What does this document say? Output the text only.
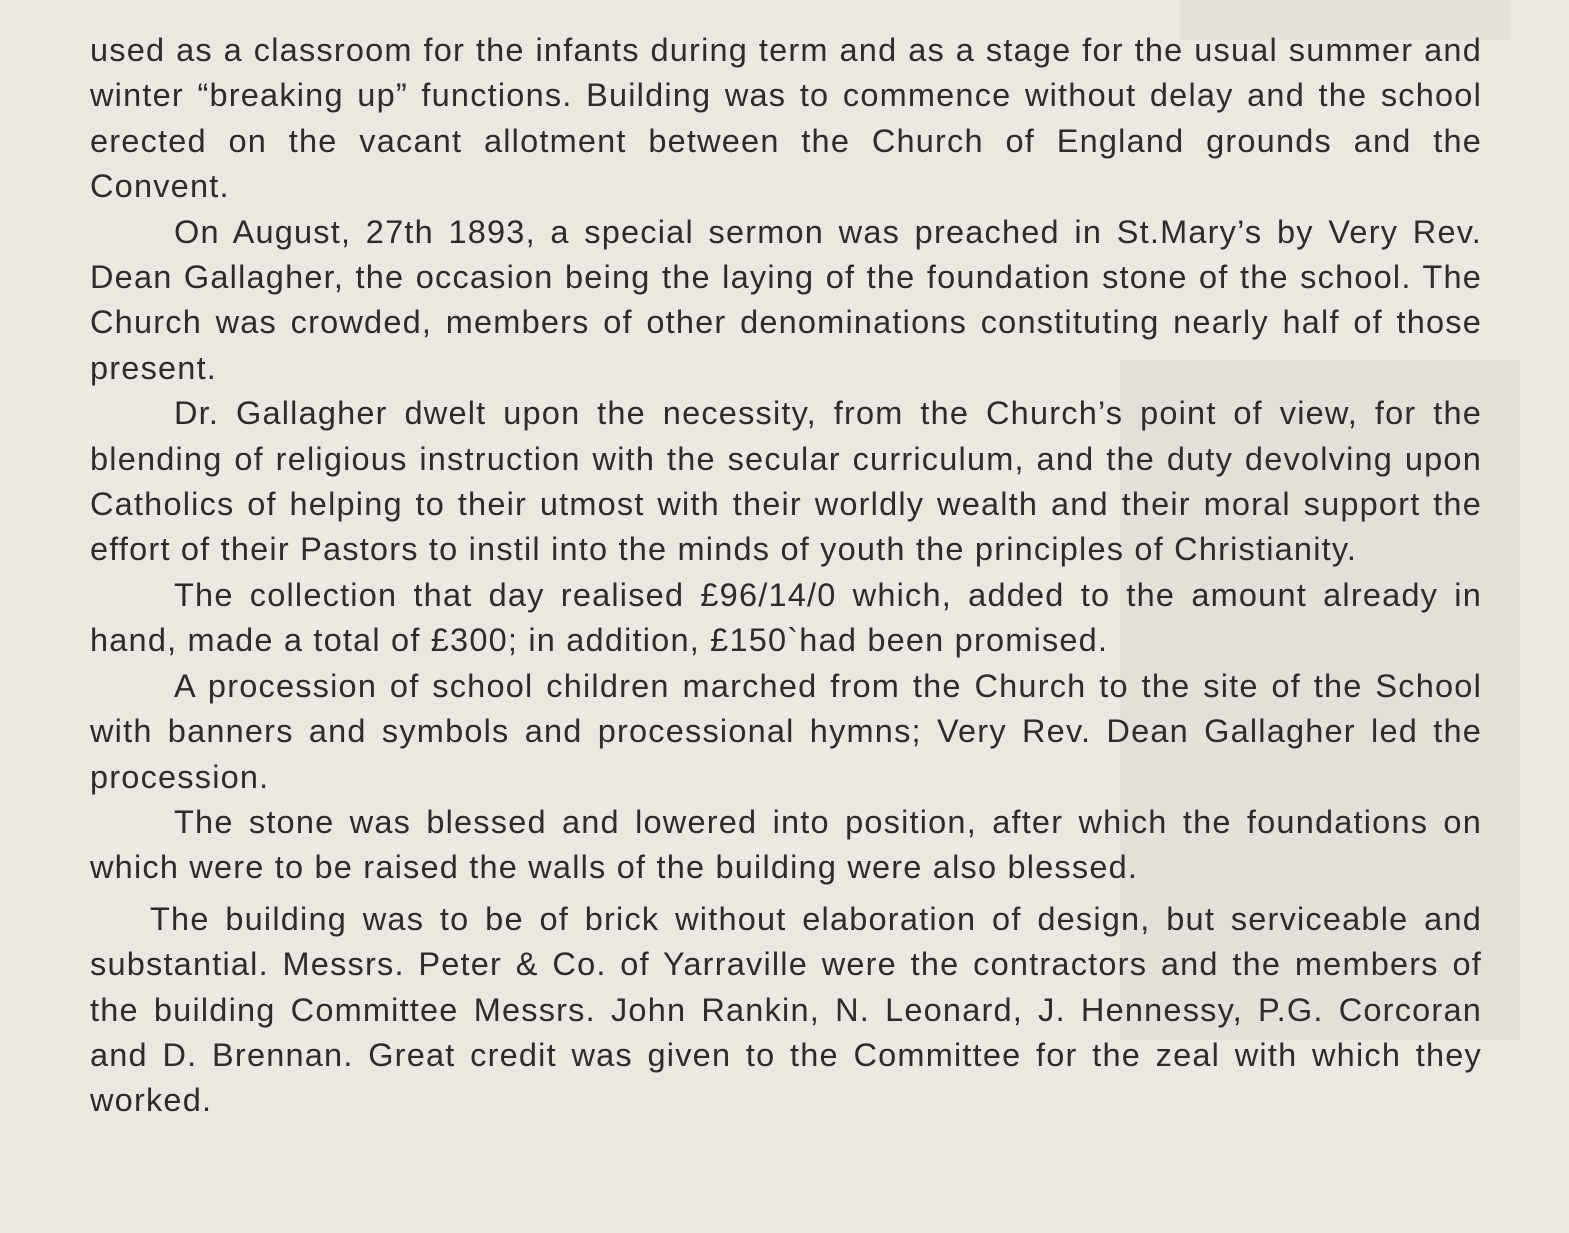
used as a classroom for the infants during term and as a stage for the usual summer and winter “breaking up” functions. Building was to commence without delay and the school erected on the vacant allotment between the Church of England grounds and the Convent.

On August, 27th 1893, a special sermon was preached in St.Mary’s by Very Rev. Dean Gallagher, the occasion being the laying of the foundation stone of the school. The Church was crowded, members of other denominations constituting nearly half of those present.

Dr. Gallagher dwelt upon the necessity, from the Church’s point of view, for the blending of religious instruction with the secular curriculum, and the duty devolving upon Catholics of helping to their utmost with their worldly wealth and their moral support the effort of their Pastors to instil into the minds of youth the principles of Christianity.

The collection that day realised £96/14/0 which, added to the amount already in hand, made a total of £300; in addition, £150`had been promised.

A procession of school children marched from the Church to the site of the School with banners and symbols and processional hymns; Very Rev. Dean Gallagher led the procession.

The stone was blessed and lowered into position, after which the foundations on which were to be raised the walls of the building were also blessed.

The building was to be of brick without elaboration of design, but serviceable and substantial. Messrs. Peter & Co. of Yarraville were the contractors and the members of the building Committee Messrs. John Rankin, N. Leonard, J. Hennessy, P.G. Corcoran and D. Brennan. Great credit was given to the Committee for the zeal with which they worked.
